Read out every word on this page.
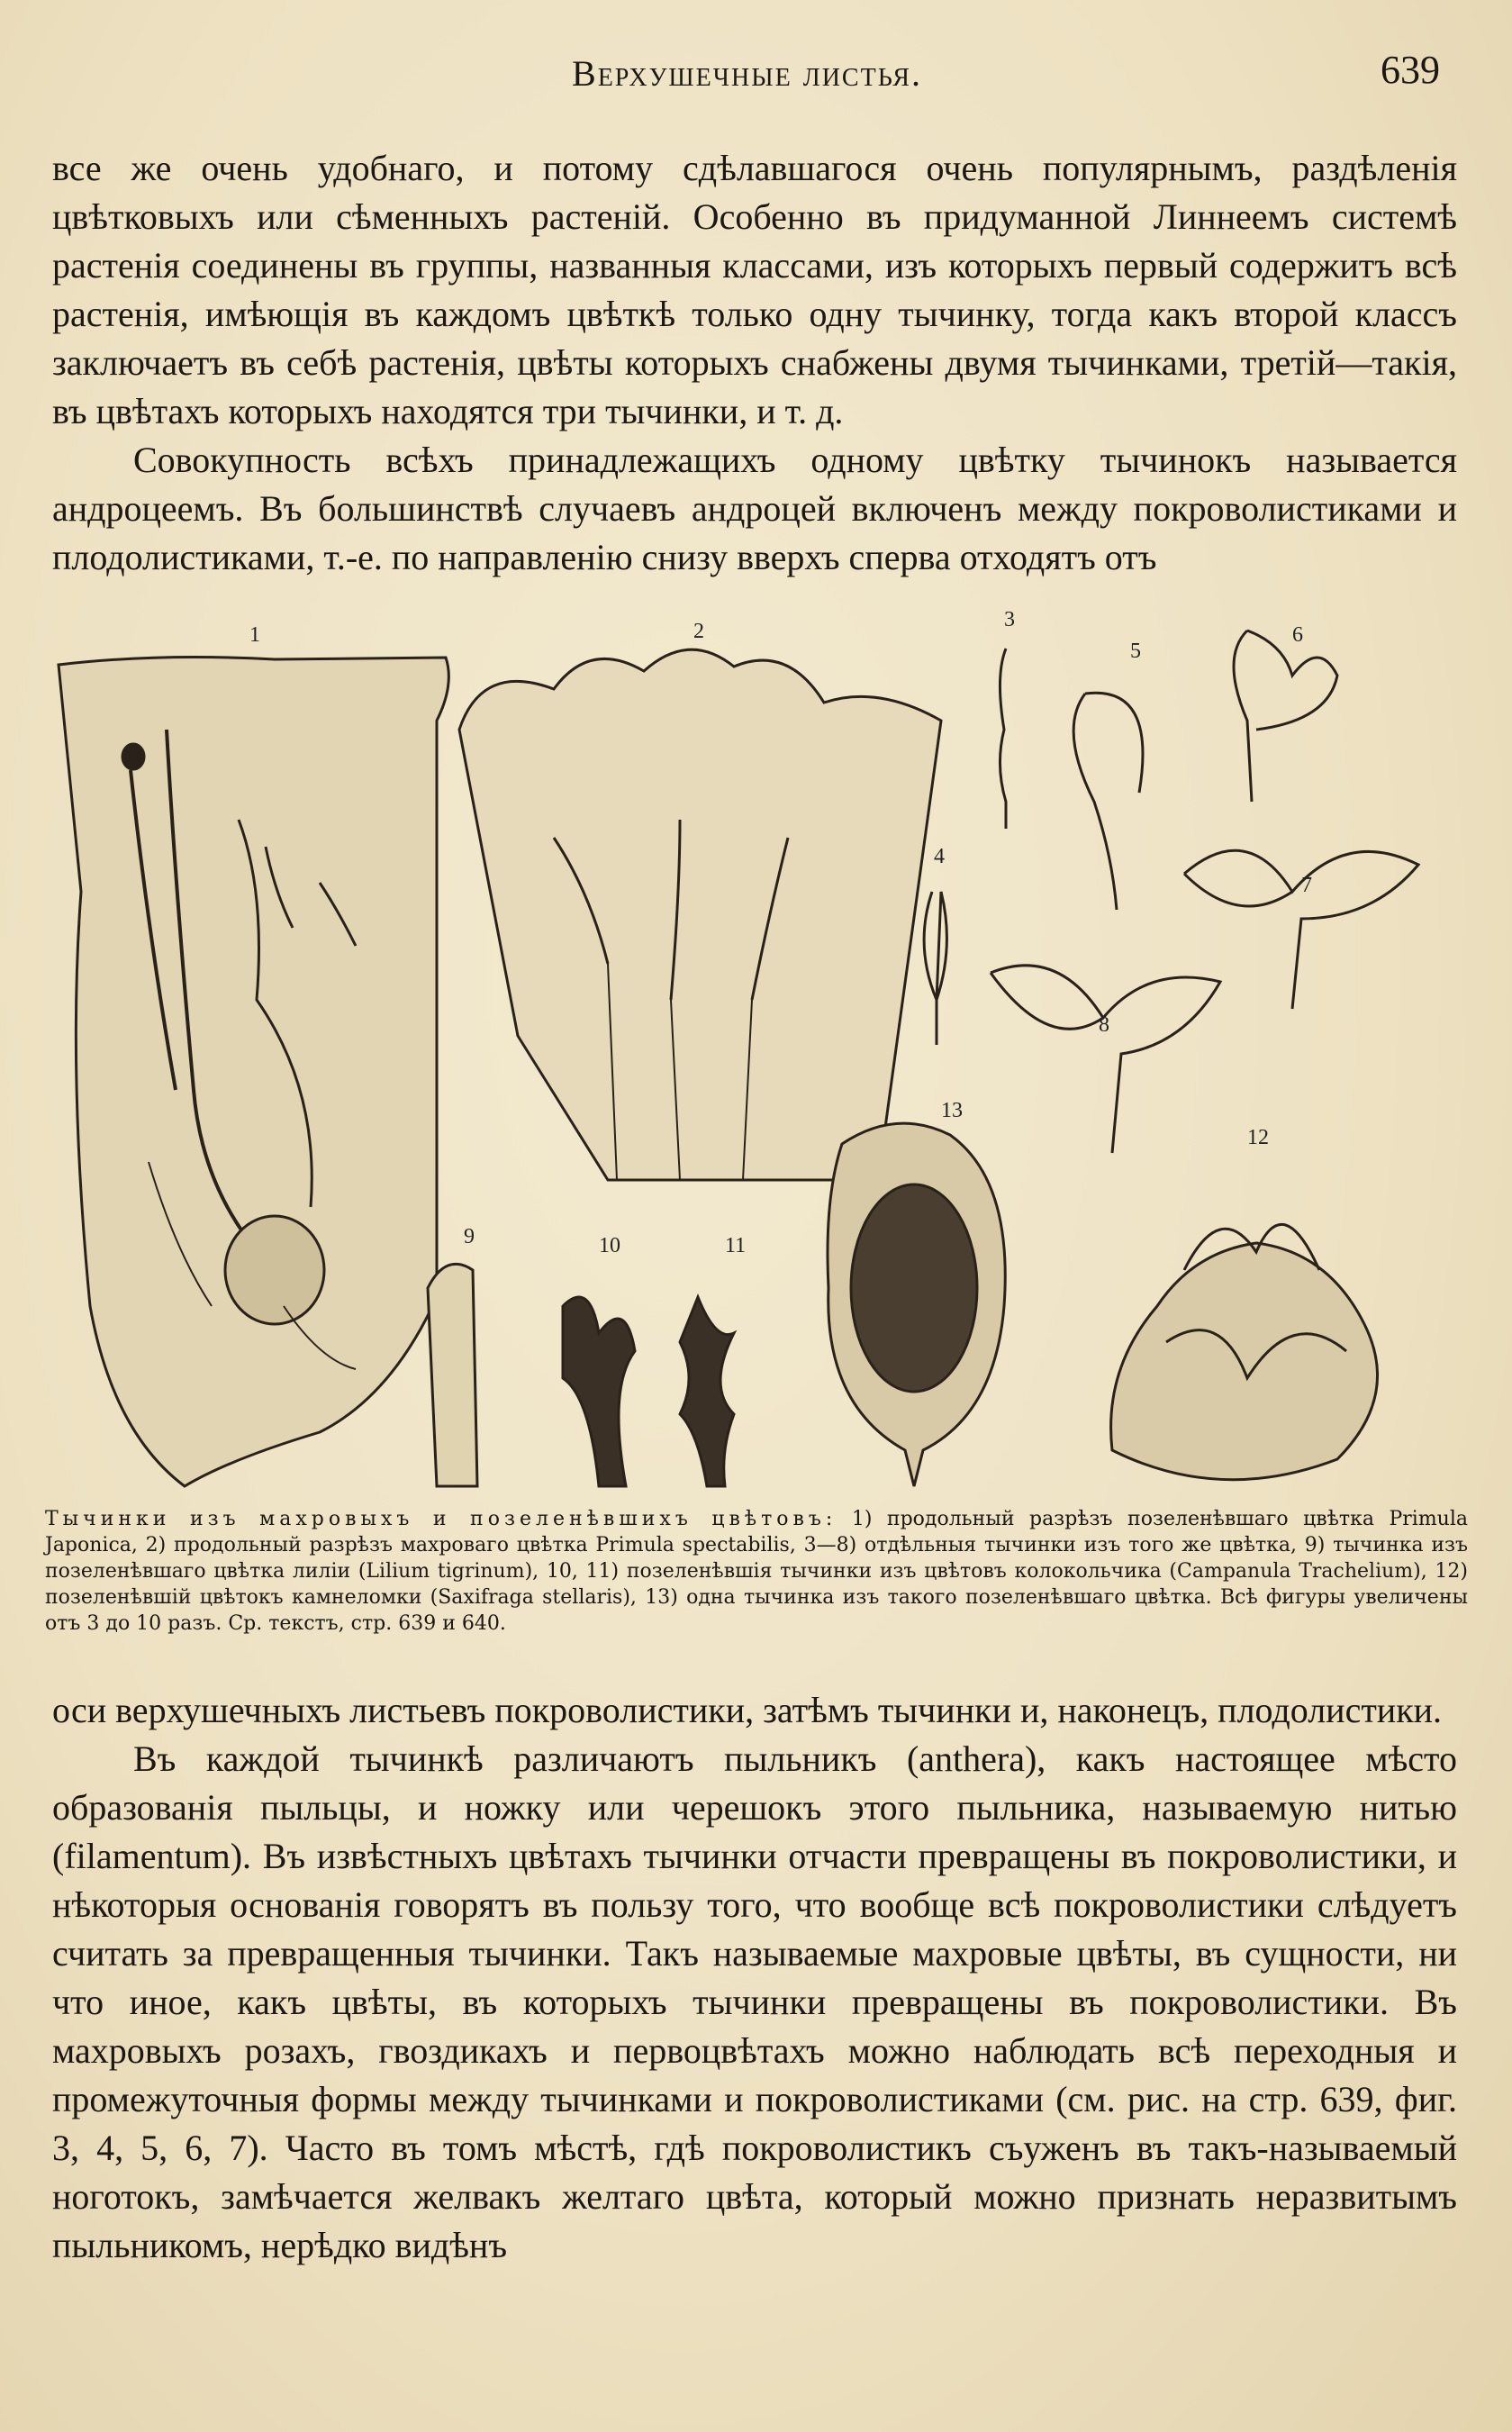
Верхушечные листья.	639

все же очень удобнаго, и потому сдѣлавшагося очень популярнымъ, раздѣленія цвѣтковыхъ или сѣменныхъ растеній. Особенно въ придуманной Линнеемъ системѣ растенія соединены въ группы, названныя классами, изъ которыхъ первый содержитъ всѣ растенія, имѣющія въ каждомъ цвѣткѣ только одну тычинку, тогда какъ второй классъ заключаетъ въ себѣ растенія, цвѣты которыхъ снабжены двумя тычинками, третій—такія, въ цвѣтахъ которыхъ находятся три тычинки, и т. д.

Совокупность всѣхъ принадлежащихъ одному цвѣтку тычинокъ называется андроцеемъ. Въ большинствѣ случаевъ андроцей включенъ между покроволистиками и плодолистиками, т.-е. по направленію снизу вверхъ сперва отходятъ отъ

1	2	3
4
5
6
7
8
9	10	11
12
13

Тычинки изъ махровыхъ и позеленѣвшихъ цвѣтовъ: 1) продольный разрѣзъ позеленѣвшаго цвѣтка Primula Japonica, 2) продольный разрѣзъ махроваго цвѣтка Primula spectabilis, 3—8) отдѣльныя тычинки изъ того же цвѣтка, 9) тычинка изъ позеленѣвшаго цвѣтка лиліи (Lilium tigrinum), 10, 11) позеленѣвшія тычинки изъ цвѣтовъ колокольчика (Campanula Trachelium), 12) позеленѣвшій цвѣтокъ камнеломки (Saxifraga stellaris), 13) одна тычинка изъ такого позеленѣвшаго цвѣтка. Всѣ фигуры увеличены отъ 3 до 10 разъ. Ср. текстъ, стр. 639 и 640.

оси верхушечныхъ листьевъ покроволистики, затѣмъ тычинки и, наконецъ, плодолистики.

Въ каждой тычинкѣ различаютъ пыльникъ (anthera), какъ настоящее мѣсто образованія пыльцы, и ножку или черешокъ этого пыльника, называемую нитью (filamentum). Въ извѣстныхъ цвѣтахъ тычинки отчасти превращены въ покроволистики, и нѣкоторыя основанія говорятъ въ пользу того, что вообще всѣ покроволистики слѣдуетъ считать за превращенныя тычинки. Такъ называемые махровые цвѣты, въ сущности, ни что иное, какъ цвѣты, въ которыхъ тычинки превращены въ покроволистики. Въ махровыхъ розахъ, гвоздикахъ и первоцвѣтахъ можно наблюдать всѣ переходныя и промежуточныя формы между тычинками и покроволистиками (см. рис. на стр. 639, фиг. 3, 4, 5, 6, 7). Часто въ томъ мѣстѣ, гдѣ покроволистикъ съуженъ въ такъ-называемый ноготокъ, замѣчается желвакъ желтаго цвѣта, который можно признать неразвитымъ пыльникомъ, нерѣдко видѣнъ
